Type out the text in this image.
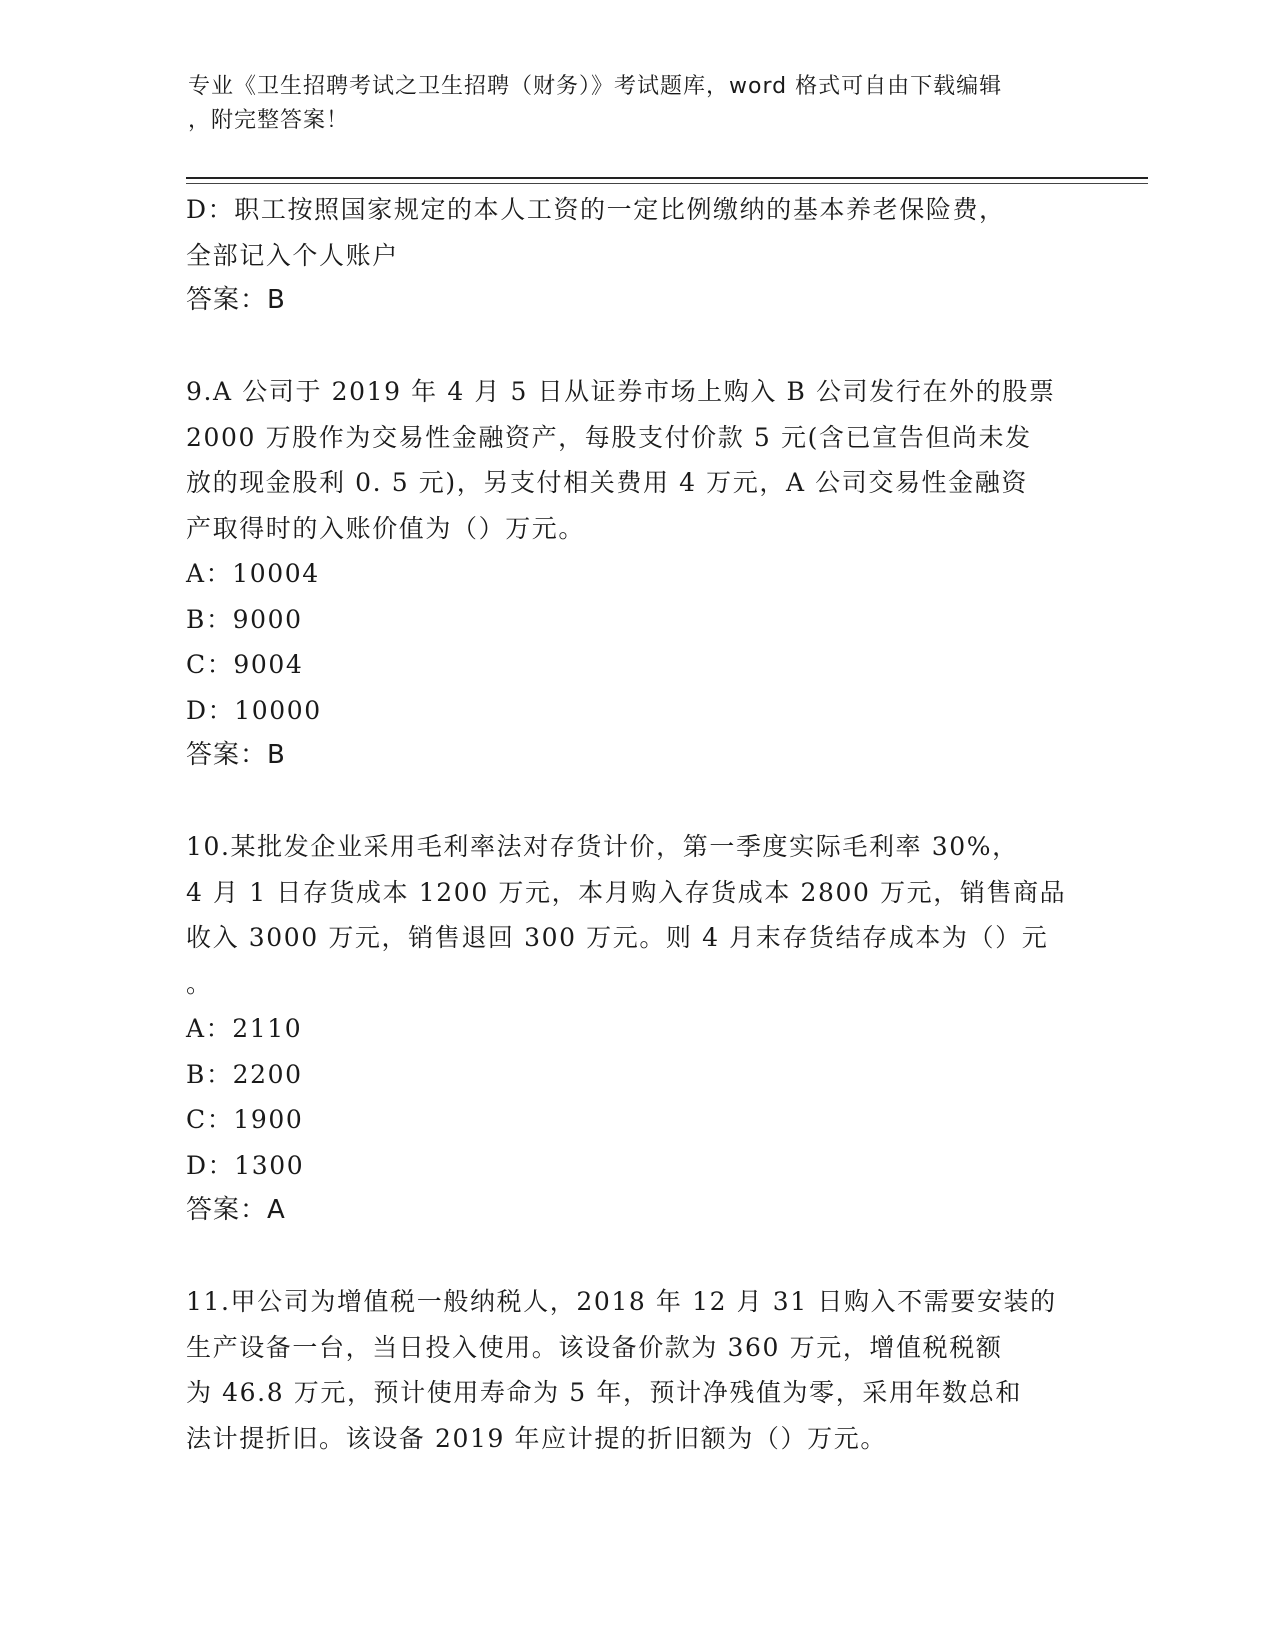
专业《卫生招聘考试之卫生招聘（财务）》考试题库，word 格式可自由下载编辑
，附完整答案！
D：职工按照国家规定的本人工资的一定比例缴纳的基本养老保险费，
全部记入个人账户
答案：B
9.A 公司于 2019 年 4 月 5 日从证券市场上购入 B 公司发行在外的股票
2000 万股作为交易性金融资产，每股支付价款 5 元(含已宣告但尚未发
放的现金股利 0. 5 元)，另支付相关费用 4 万元，A 公司交易性金融资
产取得时的入账价值为（）万元。
A：10004
B：9000
C：9004
D：10000
答案：B
10.某批发企业采用毛利率法对存货计价，第一季度实际毛利率 30%，
4 月 1 日存货成本 1200 万元，本月购入存货成本 2800 万元，销售商品
收入 3000 万元，销售退回 300 万元。则 4 月末存货结存成本为（）元
。
A：2110
B：2200
C：1900
D：1300
答案：A
11.甲公司为增值税一般纳税人，2018 年 12 月 31 日购入不需要安装的
生产设备一台，当日投入使用。该设备价款为 360 万元，增值税税额
为 46.8 万元，预计使用寿命为 5 年，预计净残值为零，采用年数总和
法计提折旧。该设备 2019 年应计提的折旧额为（）万元。
